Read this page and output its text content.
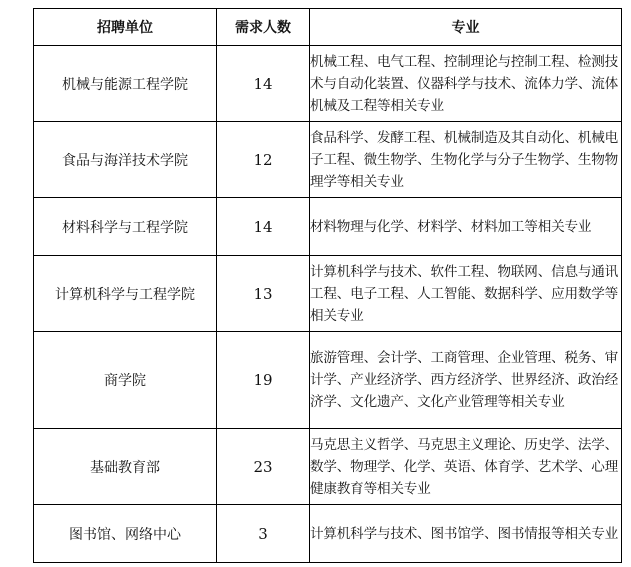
招聘单位	需求人数	专业
机械与能源工程学院	14	机械工程、电气工程、控制理论与控制工程、检测技术与自动化装置、仪器科学与技术、流体力学、流体机械及工程等相关专业
食品与海洋技术学院	12	食品科学、发酵工程、机械制造及其自动化、机械电子工程、微生物学、生物化学与分子生物学、生物物理学等相关专业
材料科学与工程学院	14	材料物理与化学、材料学、材料加工等相关专业
计算机科学与工程学院	13	计算机科学与技术、软件工程、物联网、信息与通讯工程、电子工程、人工智能、数据科学、应用数学等相关专业
商学院	19	旅游管理、会计学、工商管理、企业管理、税务、审计学、产业经济学、西方经济学、世界经济、政治经济学、文化遗产、文化产业管理等相关专业
基础教育部	23	马克思主义哲学、马克思主义理论、历史学、法学、数学、物理学、化学、英语、体育学、艺术学、心理健康教育等相关专业
图书馆、网络中心	3	计算机科学与技术、图书馆学、图书情报等相关专业
